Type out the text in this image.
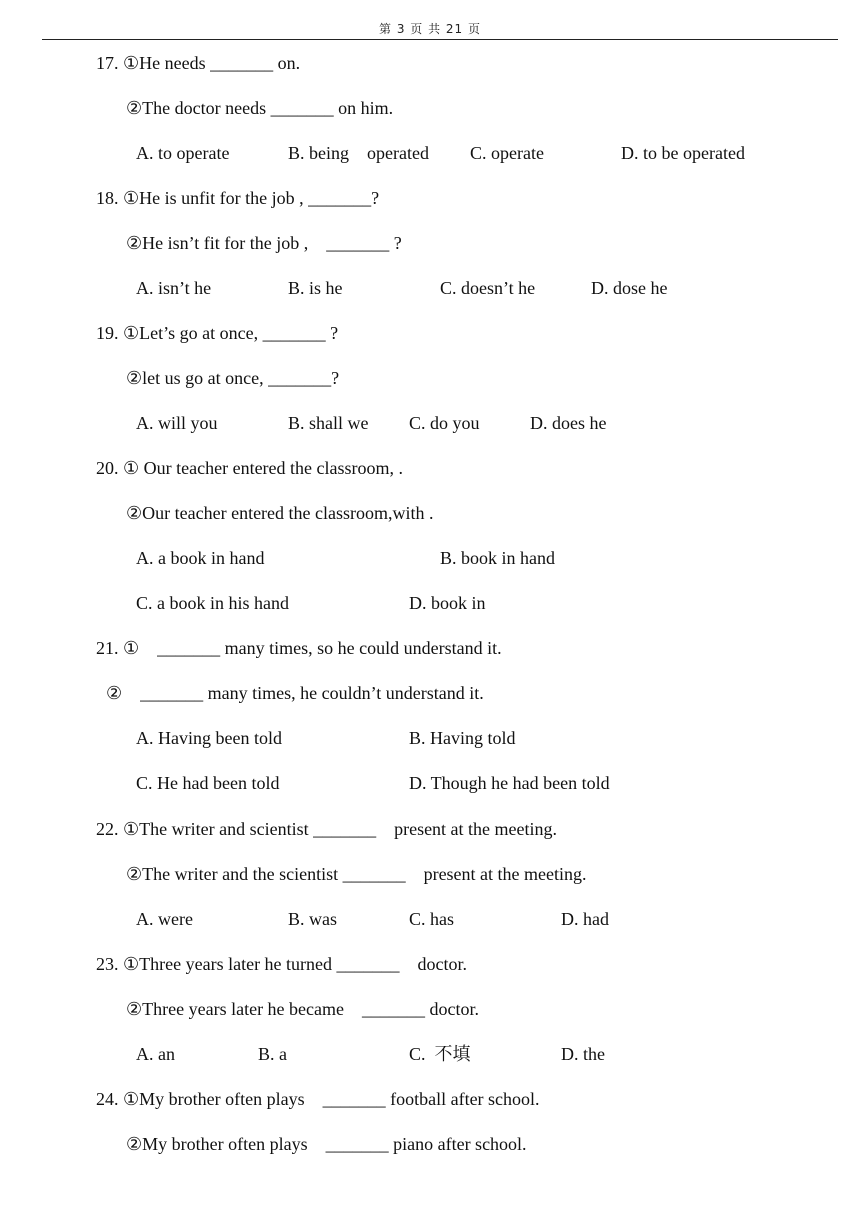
第 3 页 共 21 页
17. ①He needs _______ on.
②The doctor needs _______ on him.
A. to operate	B. being    operated C. operate	D. to be operated
18. ①He is unfit for the job , _______?
②He isn’t fit for the job ,    _______ ?
A. isn’t he	B. is he	C. doesn’t he	D. dose he
19. ①Let’s go at once, _______ ?
②let us go at once, _______?
A. will you	B. shall we C. do you	D. does he
20. ① Our teacher entered the classroom, .
②Our teacher entered the classroom,with .
A. a book in hand	B. book in hand
C. a book in his hand	D. book in
21. ①    _______ many times, so he could understand it.
②    _______ many times, he couldn’t understand it.
A. Having been told	B. Having told
C. He had been told	D. Though he had been told
22. ①The writer and scientist _______    present at the meeting.
②The writer and the scientist _______    present at the meeting.
A. were	B. was	C. has	D. had
23. ①Three years later he turned _______    doctor.
②Three years later he became    _______ doctor.
A. an	B. a	C.  不填	D. the
24. ①My brother often plays    _______ football after school.
②My brother often plays    _______ piano after school.
